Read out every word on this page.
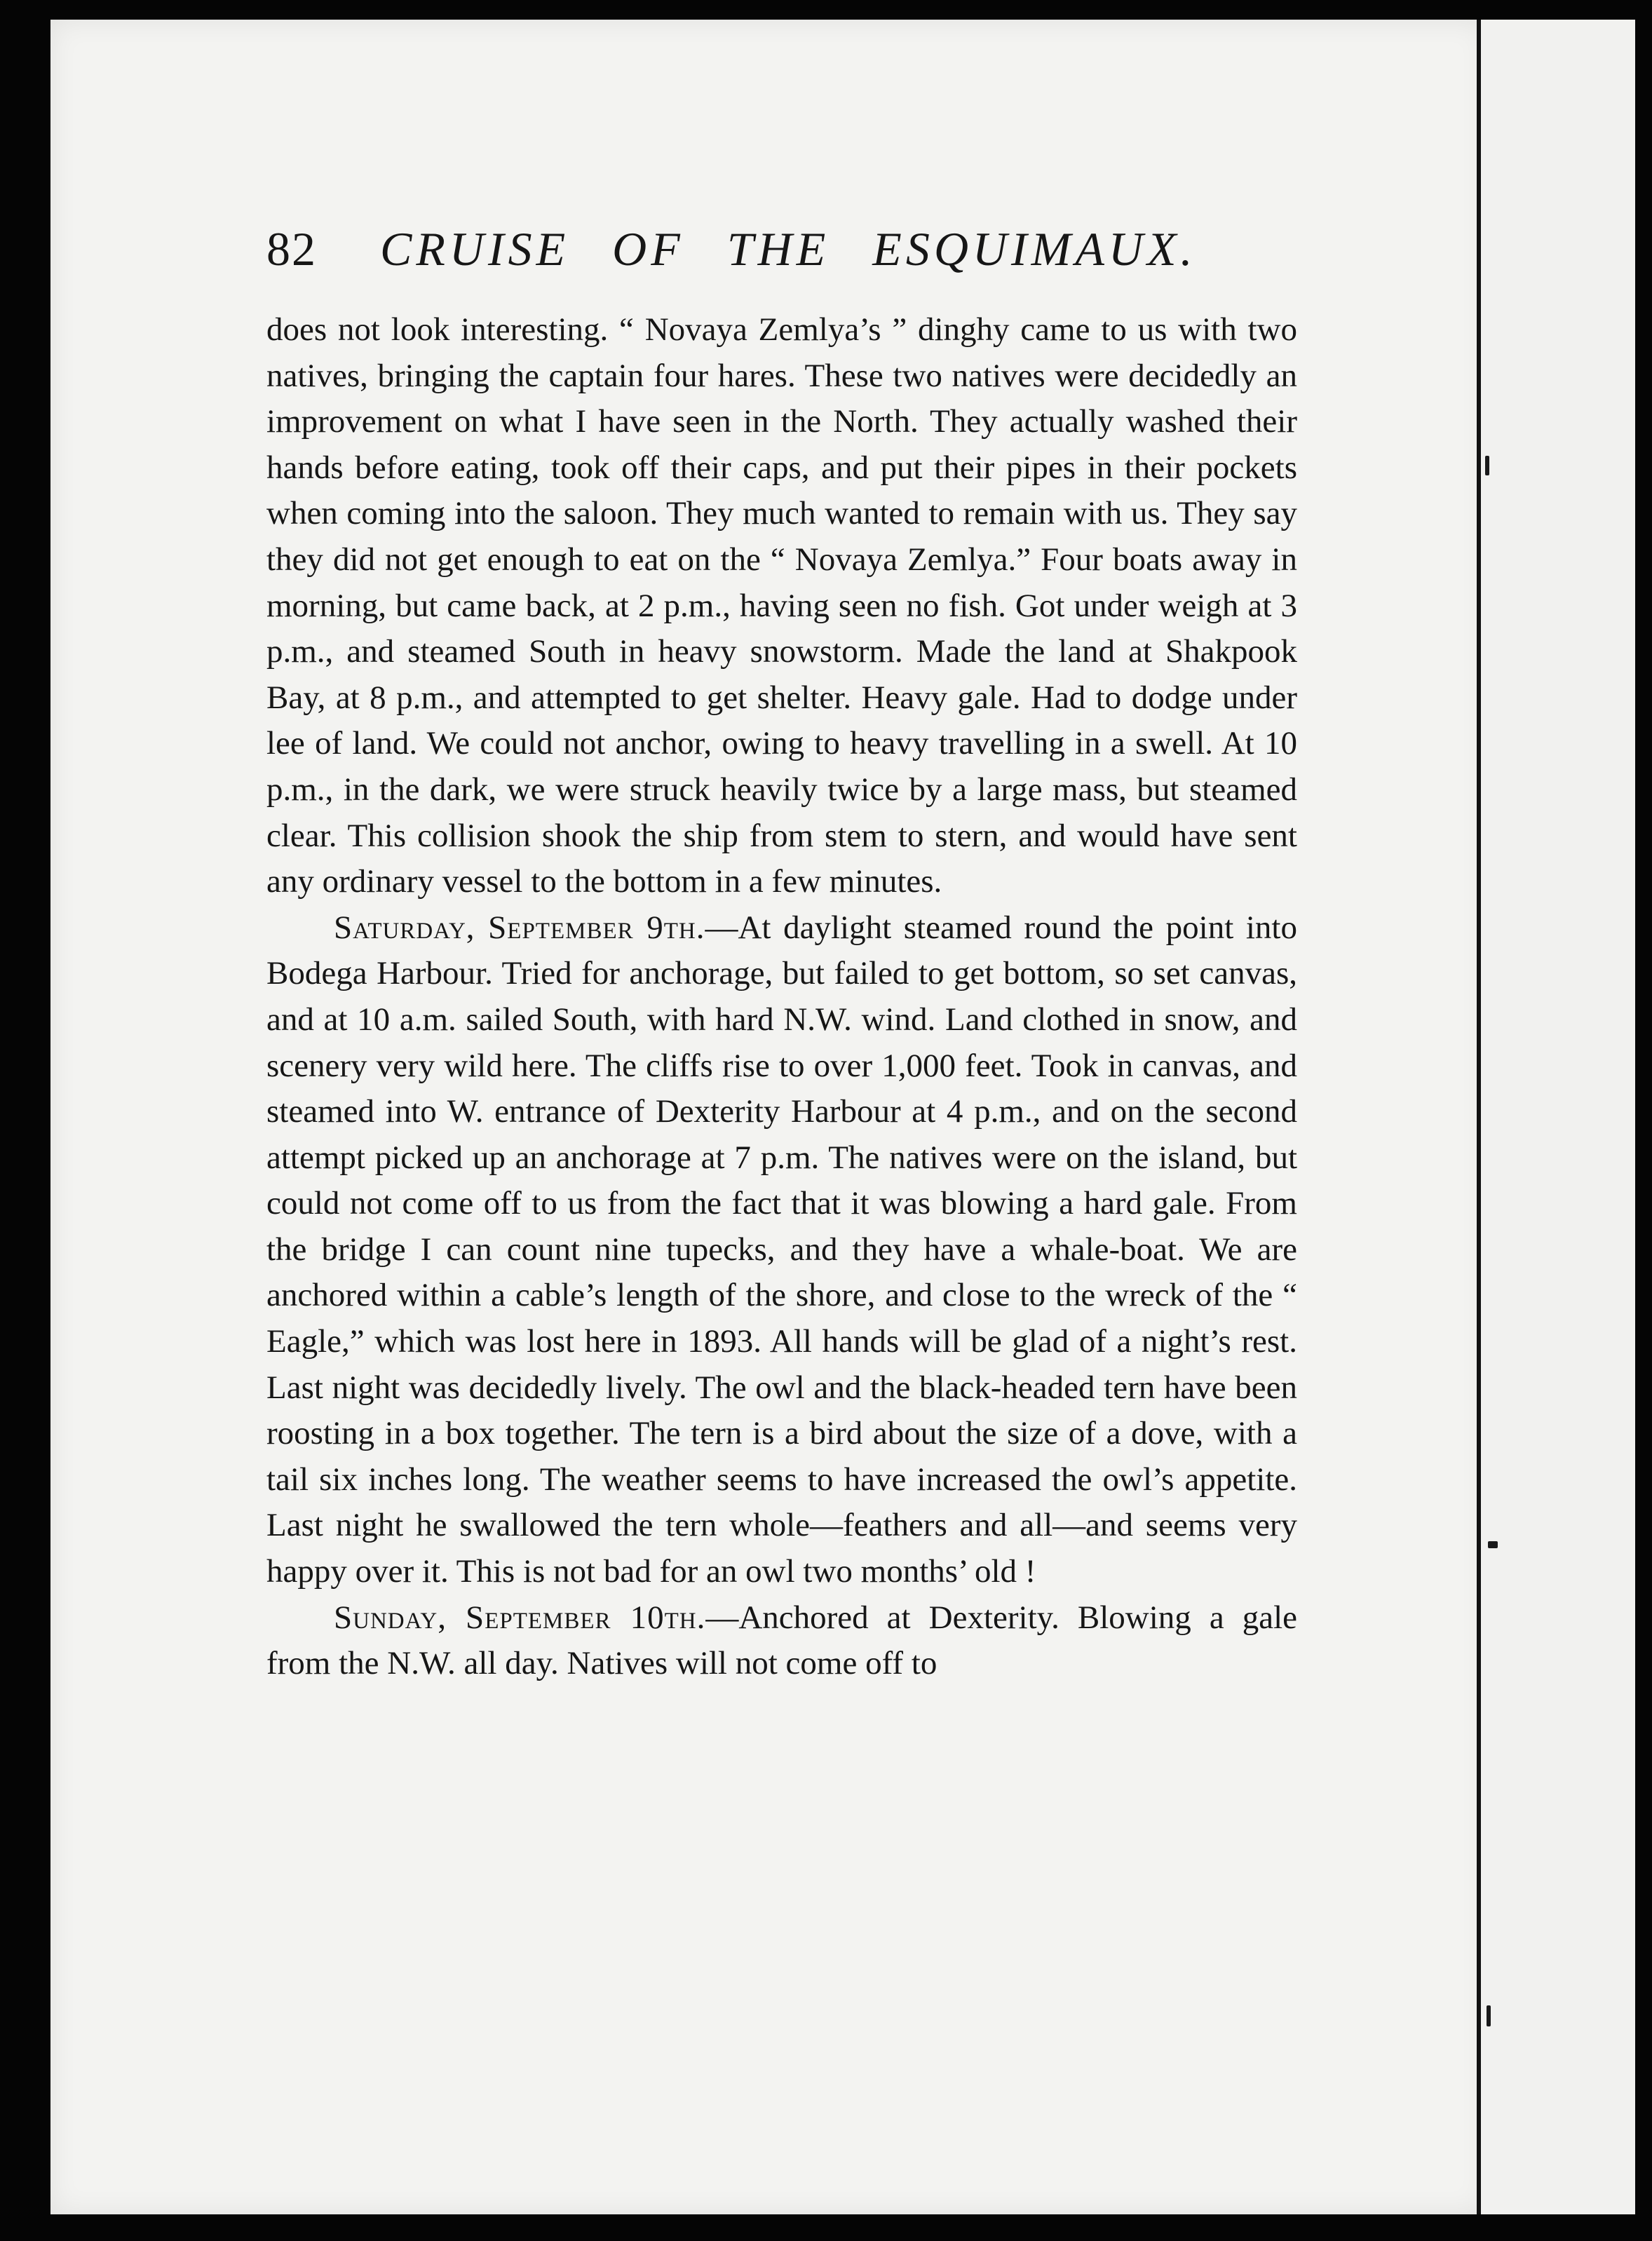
82 CRUISE OF THE ESQUIMAUX.

does not look interesting. “ Novaya Zemlya’s ” dinghy came to us with two natives, bringing the captain four hares. These two natives were decidedly an improvement on what I have seen in the North. They actually washed their hands before eating, took off their caps, and put their pipes in their pockets when coming into the saloon. They much wanted to remain with us. They say they did not get enough to eat on the “ Novaya Zemlya.” Four boats away in morning, but came back, at 2 p.m., having seen no fish. Got under weigh at 3 p.m., and steamed South in heavy snowstorm. Made the land at Shakpook Bay, at 8 p.m., and attempted to get shelter. Heavy gale. Had to dodge under lee of land. We could not anchor, owing to heavy travelling in a swell. At 10 p.m., in the dark, we were struck heavily twice by a large mass, but steamed clear. This collision shook the ship from stem to stern, and would have sent any ordinary vessel to the bottom in a few minutes.

Saturday, September 9th.—At daylight steamed round the point into Bodega Harbour. Tried for anchorage, but failed to get bottom, so set canvas, and at 10 a.m. sailed South, with hard N.W. wind. Land clothed in snow, and scenery very wild here. The cliffs rise to over 1,000 feet. Took in canvas, and steamed into W. entrance of Dexterity Harbour at 4 p.m., and on the second attempt picked up an anchorage at 7 p.m. The natives were on the island, but could not come off to us from the fact that it was blowing a hard gale. From the bridge I can count nine tupecks, and they have a whale-boat. We are anchored within a cable’s length of the shore, and close to the wreck of the “ Eagle,” which was lost here in 1893. All hands will be glad of a night’s rest. Last night was decidedly lively. The owl and the black-headed tern have been roosting in a box together. The tern is a bird about the size of a dove, with a tail six inches long. The weather seems to have increased the owl’s appetite. Last night he swallowed the tern whole—feathers and all—and seems very happy over it. This is not bad for an owl two months’ old !

Sunday, September 10th.—Anchored at Dexterity. Blowing a gale from the N.W. all day. Natives will not come off to
